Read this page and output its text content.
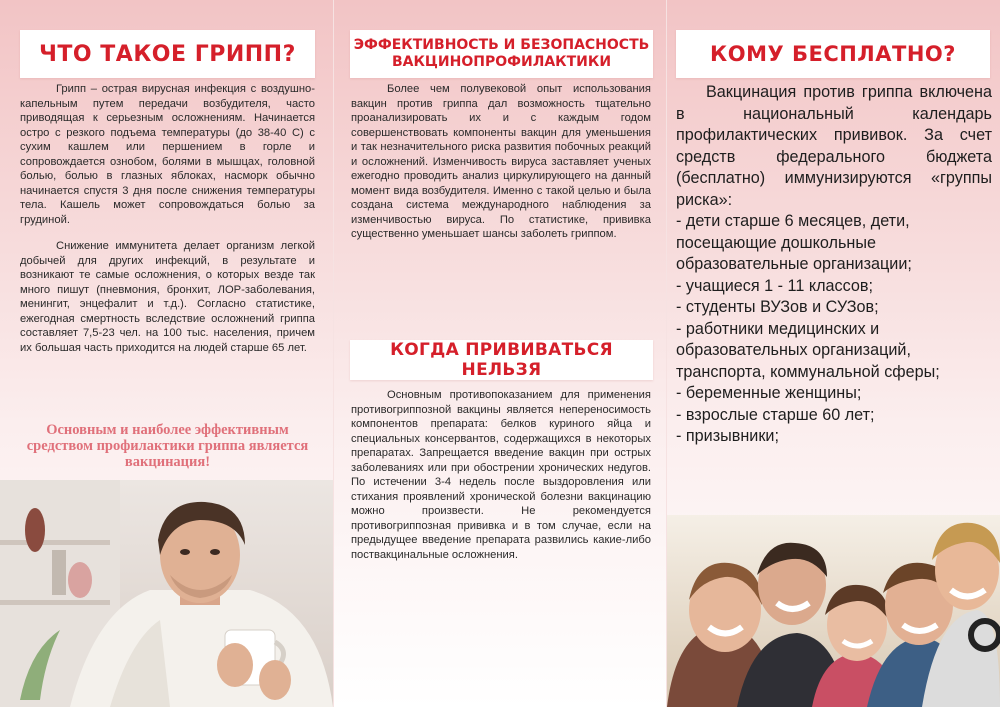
ЧТО ТАКОЕ ГРИПП?

Грипп – острая вирусная инфекция с воздушно-капельным путем передачи возбудителя, часто приводящая к серьезным осложнениям. Начинается остро с резкого подъема температуры (до 38-40 С) с сухим кашлем или першением в горле и сопровождается ознобом, болями в мышцах, головной болью, болью в глазных яблоках, насморк обычно начинается спустя 3 дня после снижения температуры тела. Кашель может сопровождаться болью за грудиной.

Снижение иммунитета делает организм легкой добычей для других инфекций, в результате и возникают те самые осложнения, о которых везде так много пишут (пневмония, бронхит, ЛОР-заболевания, менингит, энцефалит и т.д.). Согласно статистике, ежегодная смертность вследствие осложнений гриппа составляет 7,5-23 чел. на 100 тыс. населения, причем их большая часть приходится на людей старше 65 лет.

Основным и наиболее эффективным средством профилактики гриппа является вакцинация!
ЭФФЕКТИВНОСТЬ И БЕЗОПАСНОСТЬ
ВАКЦИНОПРОФИЛАКТИКИ

Более чем полувековой опыт использования вакцин против гриппа дал возможность тщательно проанализировать их и с каждым годом совершенствовать компоненты вакцин для уменьшения и так незначительного риска развития побочных реакций и осложнений. Изменчивость вируса заставляет ученых ежегодно проводить анализ циркулирующего на данный момент вида возбудителя. Именно с такой целью и была создана система международного наблюдения за изменчивостью вируса. По статистике, прививка существенно уменьшает шансы заболеть гриппом.

КОГДА ПРИВИВАТЬСЯ НЕЛЬЗЯ

Основным противопоказанием для применения противогриппозной вакцины является непереносимость компонентов препарата: белков куриного яйца и специальных консервантов, содержащихся в некоторых препаратах. Запрещается введение вакцин при острых заболеваниях или при обострении хронических недугов. По истечении 3-4 недель после выздоровления или стихания проявлений хронической болезни вакцинацию можно произвести. Не рекомендуется противогриппозная прививка и в том случае, если на предыдущее введение препарата развились какие-либо поствакцинальные осложнения.

КОМУ БЕСПЛАТНО?

Вакцинация против гриппа включена в национальный календарь профилактических прививок. За счет средств федерального бюджета (бесплатно) иммунизируются «группы риска»:

- дети старше 6 месяцев, дети, посещающие дошкольные образовательные организации;
- учащиеся 1 - 11 классов;
- студенты ВУЗов и СУЗов;
- работники медицинских и образовательных организаций, транспорта, коммунальной сферы;
- беременные женщины;
- взрослые старше 60 лет;
- призывники;
